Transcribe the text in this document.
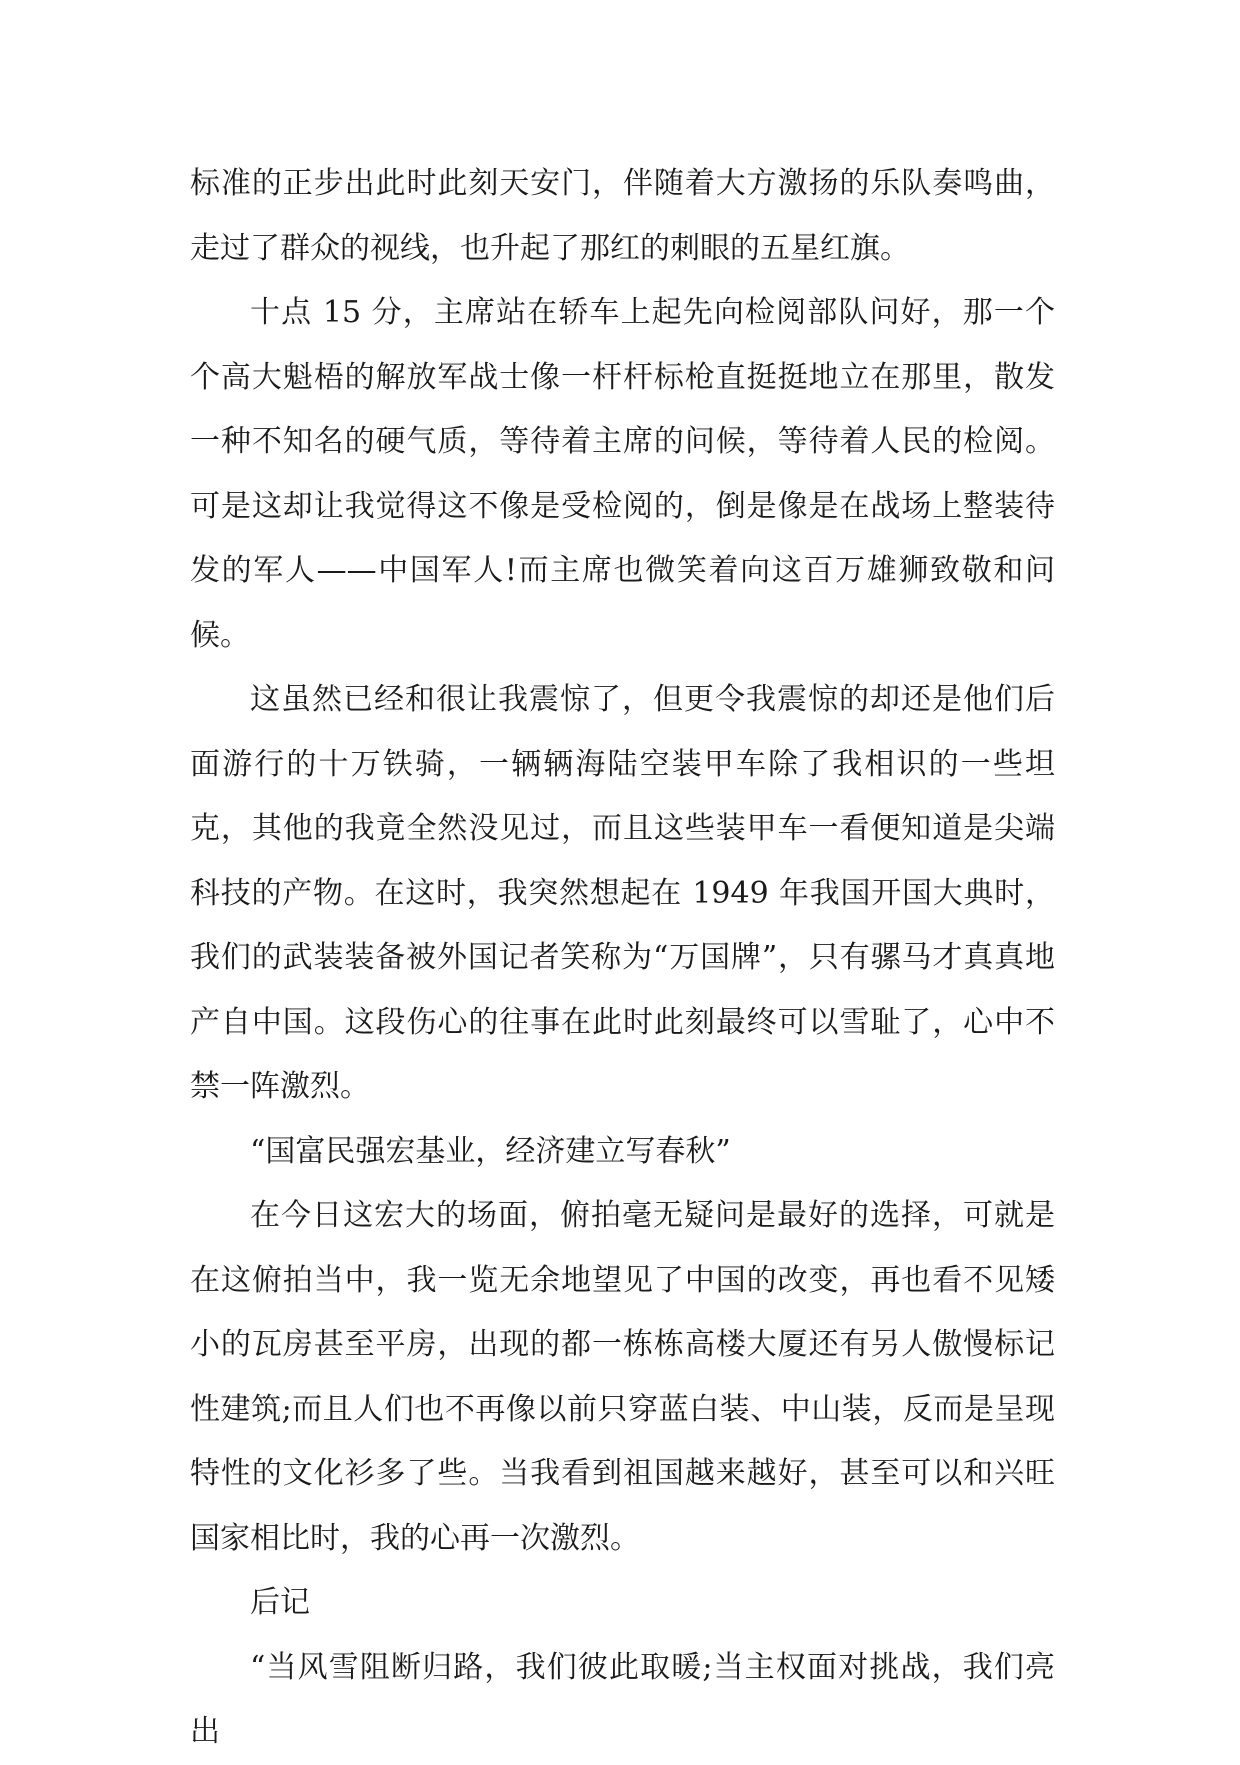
标准的正步出此时此刻天安门，伴随着大方激扬的乐队奏鸣曲，走过了群众的视线，也升起了那红的刺眼的五星红旗。

十点 15 分，主席站在轿车上起先向检阅部队问好，那一个个高大魁梧的解放军战士像一杆杆标枪直挺挺地立在那里，散发一种不知名的硬气质，等待着主席的问候，等待着人民的检阅。可是这却让我觉得这不像是受检阅的，倒是像是在战场上整装待发的军人——中国军人!而主席也微笑着向这百万雄狮致敬和问候。

这虽然已经和很让我震惊了，但更令我震惊的却还是他们后面游行的十万铁骑，一辆辆海陆空装甲车除了我相识的一些坦克，其他的我竟全然没见过，而且这些装甲车一看便知道是尖端科技的产物。在这时，我突然想起在 1949 年我国开国大典时，我们的武装装备被外国记者笑称为“万国牌”，只有骡马才真真地产自中国。这段伤心的往事在此时此刻最终可以雪耻了，心中不禁一阵激烈。

“国富民强宏基业，经济建立写春秋”

在今日这宏大的场面，俯拍毫无疑问是最好的选择，可就是在这俯拍当中，我一览无余地望见了中国的改变，再也看不见矮小的瓦房甚至平房，出现的都一栋栋高楼大厦还有另人傲慢标记性建筑;而且人们也不再像以前只穿蓝白装、中山装，反而是呈现特性的文化衫多了些。当我看到祖国越来越好，甚至可以和兴旺国家相比时，我的心再一次激烈。

后记

“当风雪阻断归路，我们彼此取暖;当主权面对挑战，我们亮出
